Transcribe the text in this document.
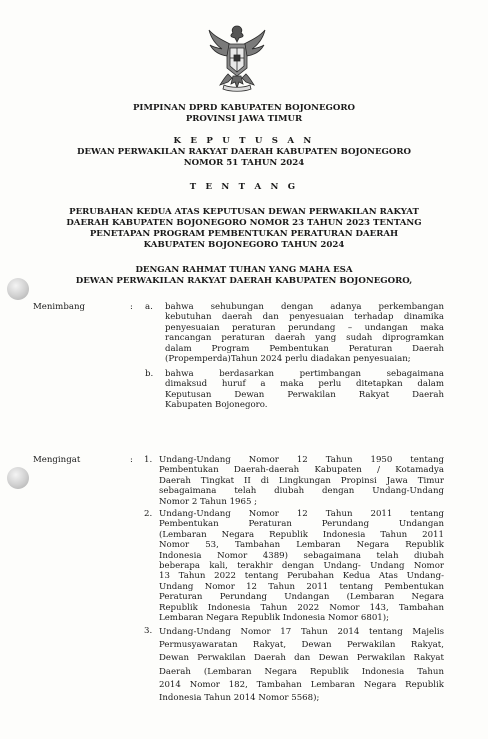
PIMPINAN DPRD KABUPATEN BOJONEGORO
PROVINSI JAWA TIMUR
K E P U T U S A N
DEWAN PERWAKILAN RAKYAT DAERAH KABUPATEN BOJONEGORO
NOMOR 51 TAHUN 2024
T E N T A N G
PERUBAHAN KEDUA ATAS KEPUTUSAN DEWAN PERWAKILAN RAKYAT
DAERAH KABUPATEN BOJONEGORO NOMOR 23 TAHUN 2023 TENTANG
PENETAPAN PROGRAM PEMBENTUKAN PERATURAN DAERAH
KABUPATEN BOJONEGORO TAHUN 2024
DENGAN RAHMAT TUHAN YANG MAHA ESA
DEWAN PERWAKILAN RAKYAT DAERAH KABUPATEN BOJONEGORO,
Menimbang	: a. bahwa sehubungan dengan adanya perkembangan
kebutuhan daerah dan penyesuaian terhadap dinamika
penyesuaian peraturan perundang – undangan maka
rancangan peraturan daerah yang sudah diprogramkan
dalam Program Pembentukan Peraturan Daerah
(Propemperda)Tahun 2024 perlu diadakan penyesuaian;
b. bahwa berdasarkan pertimbangan sebagaimana
dimaksud huruf a maka perlu ditetapkan dalam
Keputusan Dewan Perwakilan Rakyat Daerah
Kabupaten Bojonegoro.
Mengingat	: 1. Undang-Undang Nomor 12 Tahun 1950 tentang
Pembentukan Daerah-daerah Kabupaten / Kotamadya
Daerah Tingkat II di Lingkungan Propinsi Jawa Timur
sebagaimana telah diubah dengan Undang-Undang
Nomor 2 Tahun 1965 ;
2. Undang-Undang Nomor 12 Tahun 2011 tentang
Pembentukan Peraturan Perundang Undangan
(Lembaran Negara Republik Indonesia Tahun 2011
Nomor 53, Tambahan Lembaran Negara Republik
Indonesia Nomor 4389) sebagaimana telah diubah
beberapa kali, terakhir dengan Undang- Undang Nomor
13 Tahun 2022 tentang Perubahan Kedua Atas Undang-
Undang Nomor 12 Tahun 2011 tentang Pembentukan
Peraturan Perundang Undangan (Lembaran Negara
Republik Indonesia Tahun 2022 Nomor 143, Tambahan
Lembaran Negara Republik Indonesia Nomor 6801);
3. Undang-Undang Nomor 17 Tahun 2014 tentang Majelis
Permusyawaratan Rakyat, Dewan Perwakilan Rakyat,
Dewan Perwakilan Daerah dan Dewan Perwakilan Rakyat
Daerah (Lembaran Negara Republik Indonesia Tahun
2014 Nomor 182, Tambahan Lembaran Negara Republik
Indonesia Tahun 2014 Nomor 5568);
